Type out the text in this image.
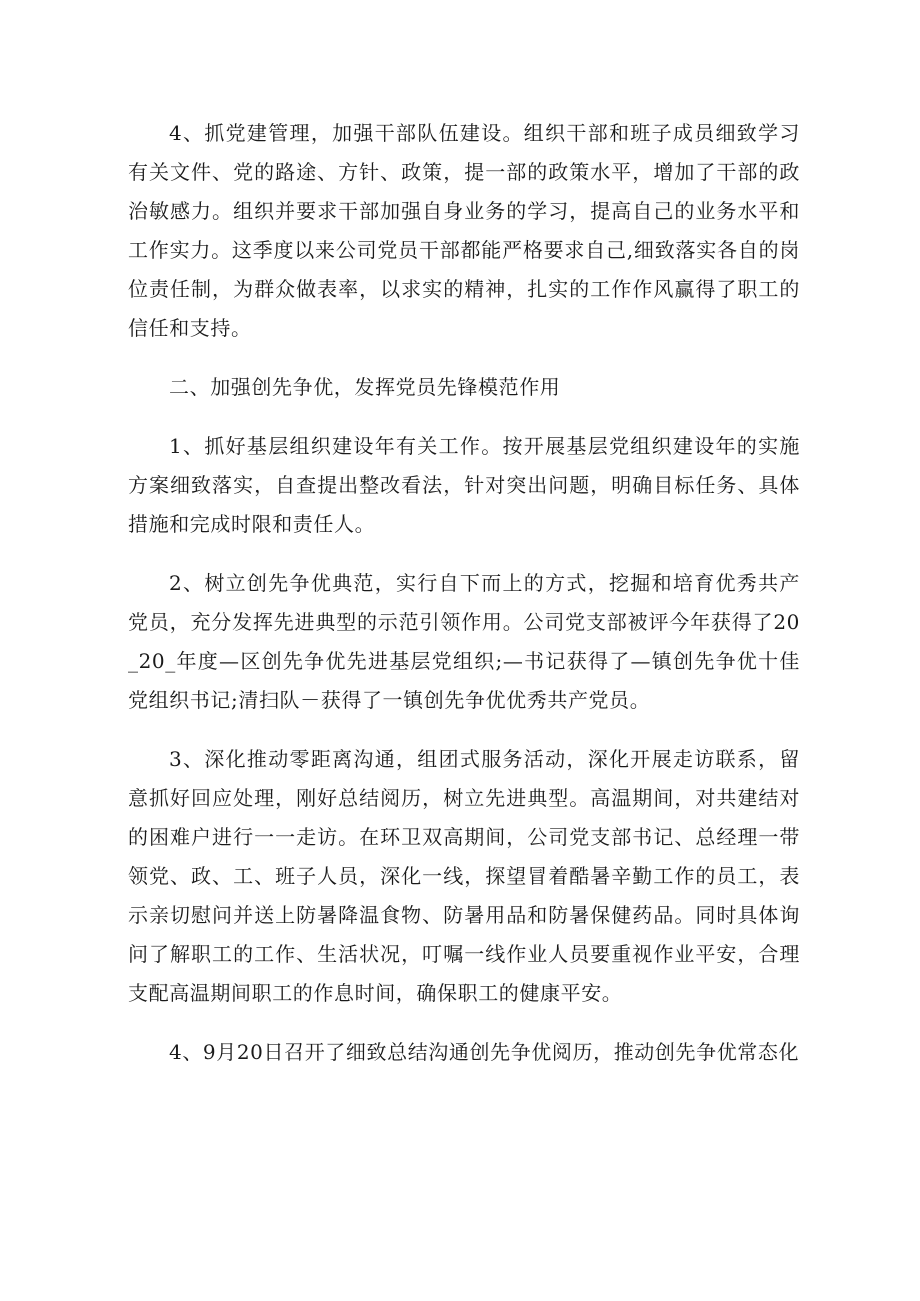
4、抓党建管理，加强干部队伍建设。组织干部和班子成员细致学习有关文件、党的路途、方针、政策，提一部的政策水平，增加了干部的政治敏感力。组织并要求干部加强自身业务的学习，提高自己的业务水平和工作实力。这季度以来公司党员干部都能严格要求自己,细致落实各自的岗位责任制，为群众做表率，以求实的精神，扎实的工作作风赢得了职工的信任和支持。

二、加强创先争优，发挥党员先锋模范作用

1、抓好基层组织建设年有关工作。按开展基层党组织建设年的实施方案细致落实，自查提出整改看法，针对突出问题，明确目标任务、具体措施和完成时限和责任人。

2、树立创先争优典范，实行自下而上的方式，挖掘和培育优秀共产党员，充分发挥先进典型的示范引领作用。公司党支部被评今年获得了20_20_年度—区创先争优先进基层党组织;—书记获得了—镇创先争优十佳党组织书记;清扫队－获得了一镇创先争优优秀共产党员。

3、深化推动零距离沟通，组团式服务活动，深化开展走访联系，留意抓好回应处理，刚好总结阅历，树立先进典型。高温期间，对共建结对的困难户进行一一走访。在环卫双高期间，公司党支部书记、总经理一带领党、政、工、班子人员，深化一线，探望冒着酷暑辛勤工作的员工，表示亲切慰问并送上防暑降温食物、防暑用品和防暑保健药品。同时具体询问了解职工的工作、生活状况，叮嘱一线作业人员要重视作业平安，合理支配高温期间职工的作息时间，确保职工的健康平安。

4、9月20日召开了细致总结沟通创先争优阅历，推动创先争优常态化
